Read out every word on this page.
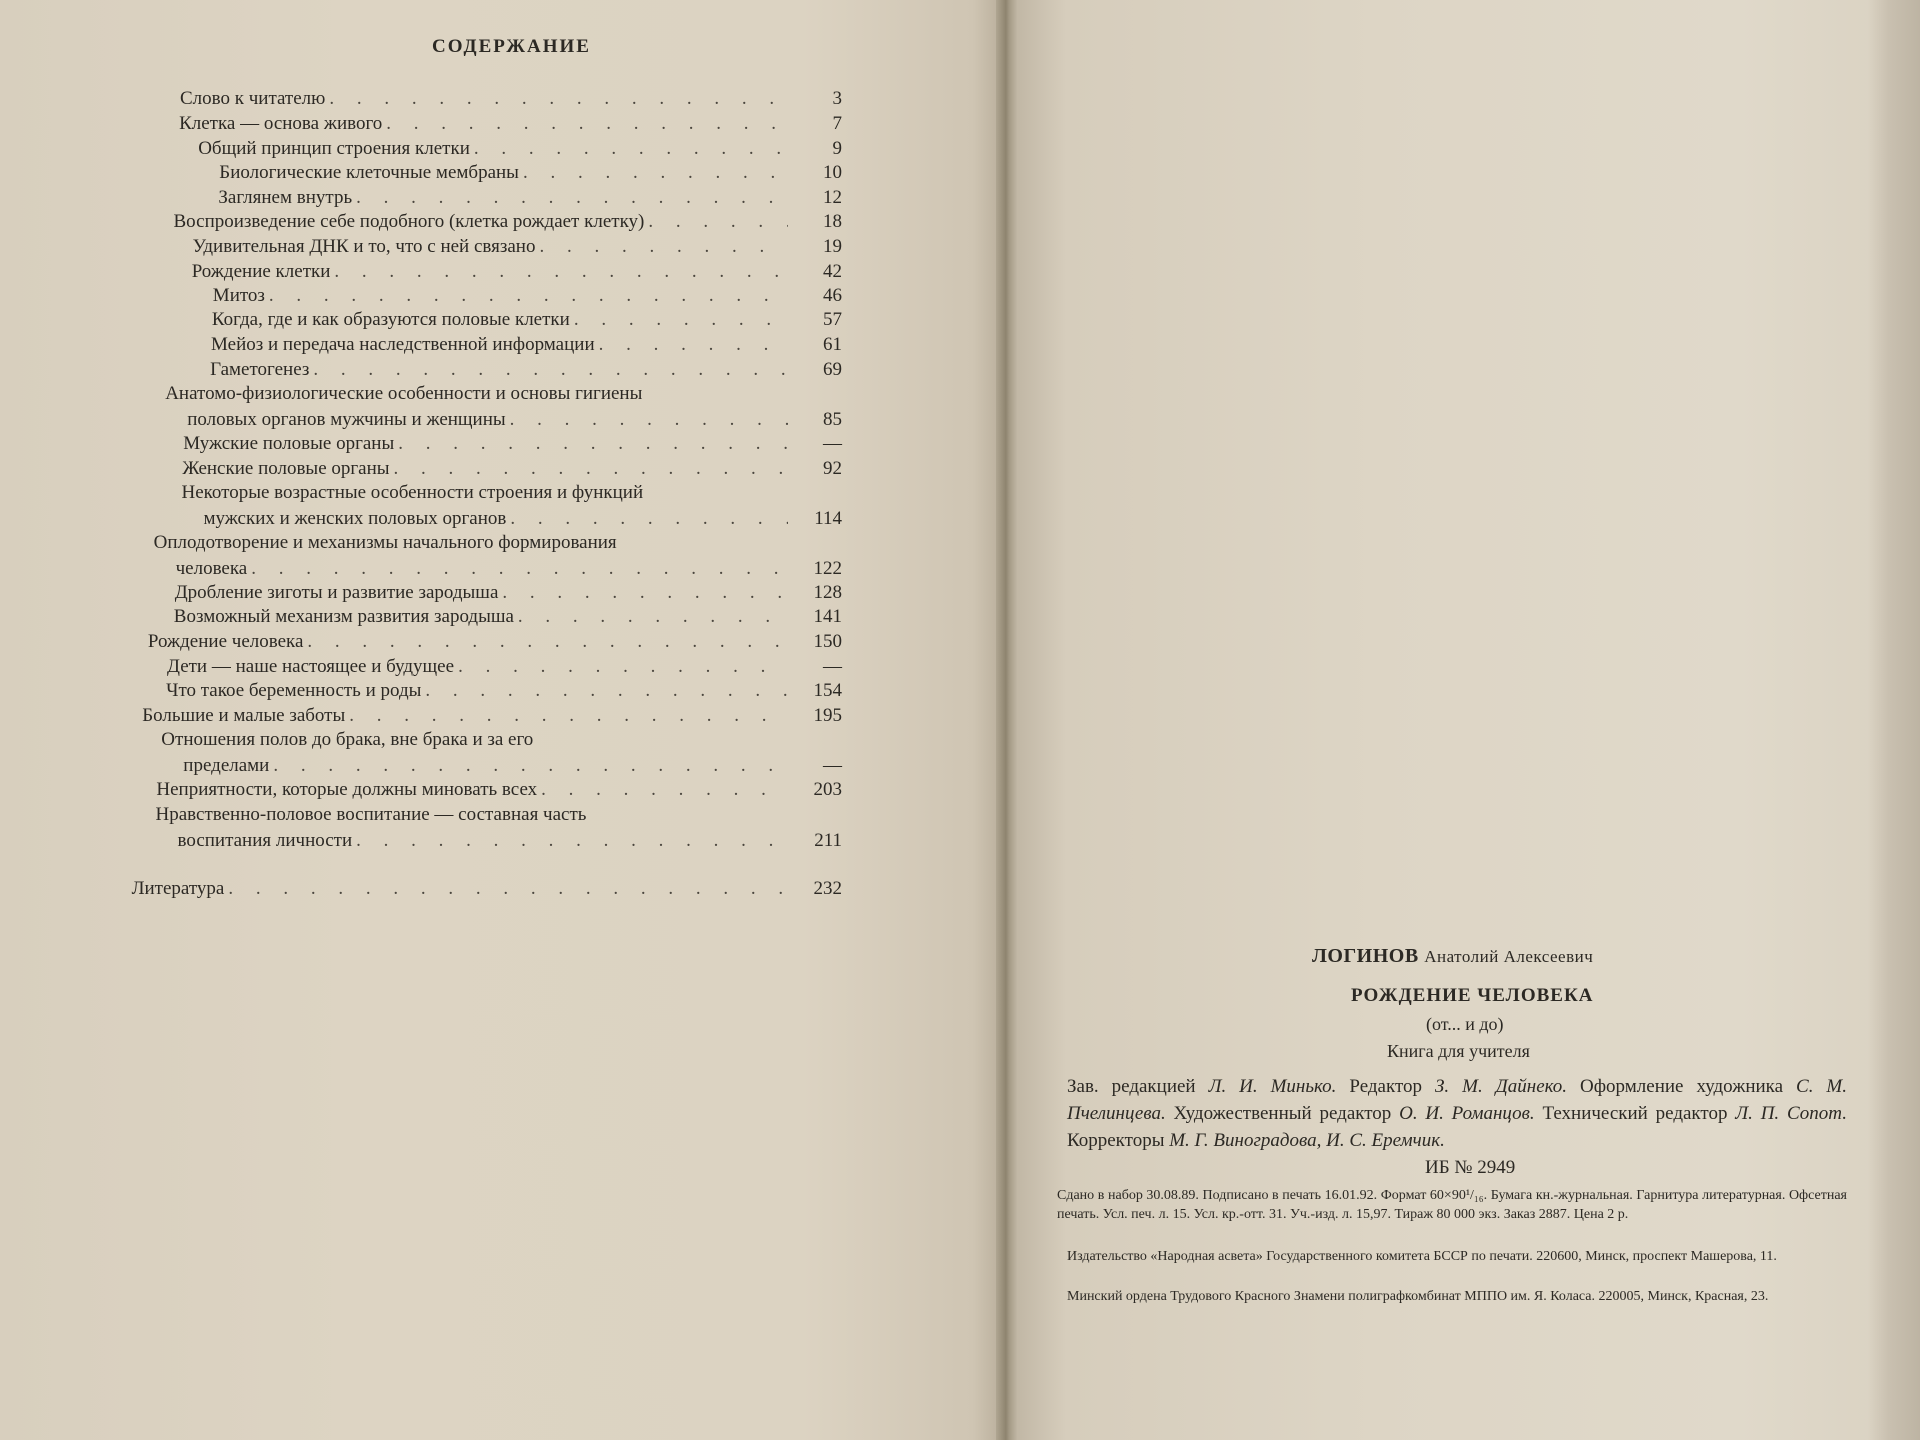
СОДЕРЖАНИЕ
Слово к читателю . . .	3
Клетка — основа живого . . .	7
Общий принцип строения клетки . . .	9
Биологические клеточные мембраны . . .	10
Заглянем внутрь . . .	12
Воспроизведение себе подобного (клетка рождает клетку) . . .	18
Удивительная ДНК и то, что с ней связано . . .	19
Рождение клетки . . .	42
Митоз . . .	46
Когда, где и как образуются половые клетки . . .	57
Мейоз и передача наследственной информации . . .	61
Гаметогенез . . .	69
Анатомо-физиологические особенности и основы гигиены
половых органов мужчины и женщины . . .	85
Мужские половые органы . . .	—
Женские половые органы . . .	92
Некоторые возрастные особенности строения и функций
мужских и женских половых органов . . .	114
Оплодотворение и механизмы начального формирования
человека . . .	122
Дробление зиготы и развитие зародыша . . .	128
Возможный механизм развития зародыша . . .	141
Рождение человека . . .	150
Дети — наше настоящее и будущее . . .	—
Что такое беременность и роды . . .	154
Большие и малые заботы . . .	195
Отношения полов до брака, вне брака и за его
пределами . . .	—
Неприятности, которые должны миновать всех . . .	203
Нравственно-половое воспитание — составная часть
воспитания личности . . .	211
Литература . . .	232
ЛОГИНОВ Анатолий Алексеевич
РОЖДЕНИЕ ЧЕЛОВЕКА
(от... и до)
Книга для учителя
Зав. редакцией Л. И. Минько. Редактор З. М. Дайнеко. Оформление художника С. М. Пчелинцева. Художественный редактор О. И. Романцов. Технический редактор Л. П. Сопот. Корректоры М. Г. Виноградова, И. С. Еремчик.
ИБ № 2949
Сдано в набор 30.08.89. Подписано в печать 16.01.92. Формат 60×90¹/₁₆. Бумага кн.-журнальная. Гарнитура литературная. Офсетная печать. Усл. печ. л. 15. Усл. кр.-отт. 31. Уч.-изд. л. 15,97. Тираж 80 000 экз. Заказ 2887. Цена 2 р.
Издательство «Народная асвета» Государственного комитета БССР по печати. 220600, Минск, проспект Машерова, 11.
Минский ордена Трудового Красного Знамени полиграфкомбинат МППО им. Я. Коласа. 220005, Минск, Красная, 23.
